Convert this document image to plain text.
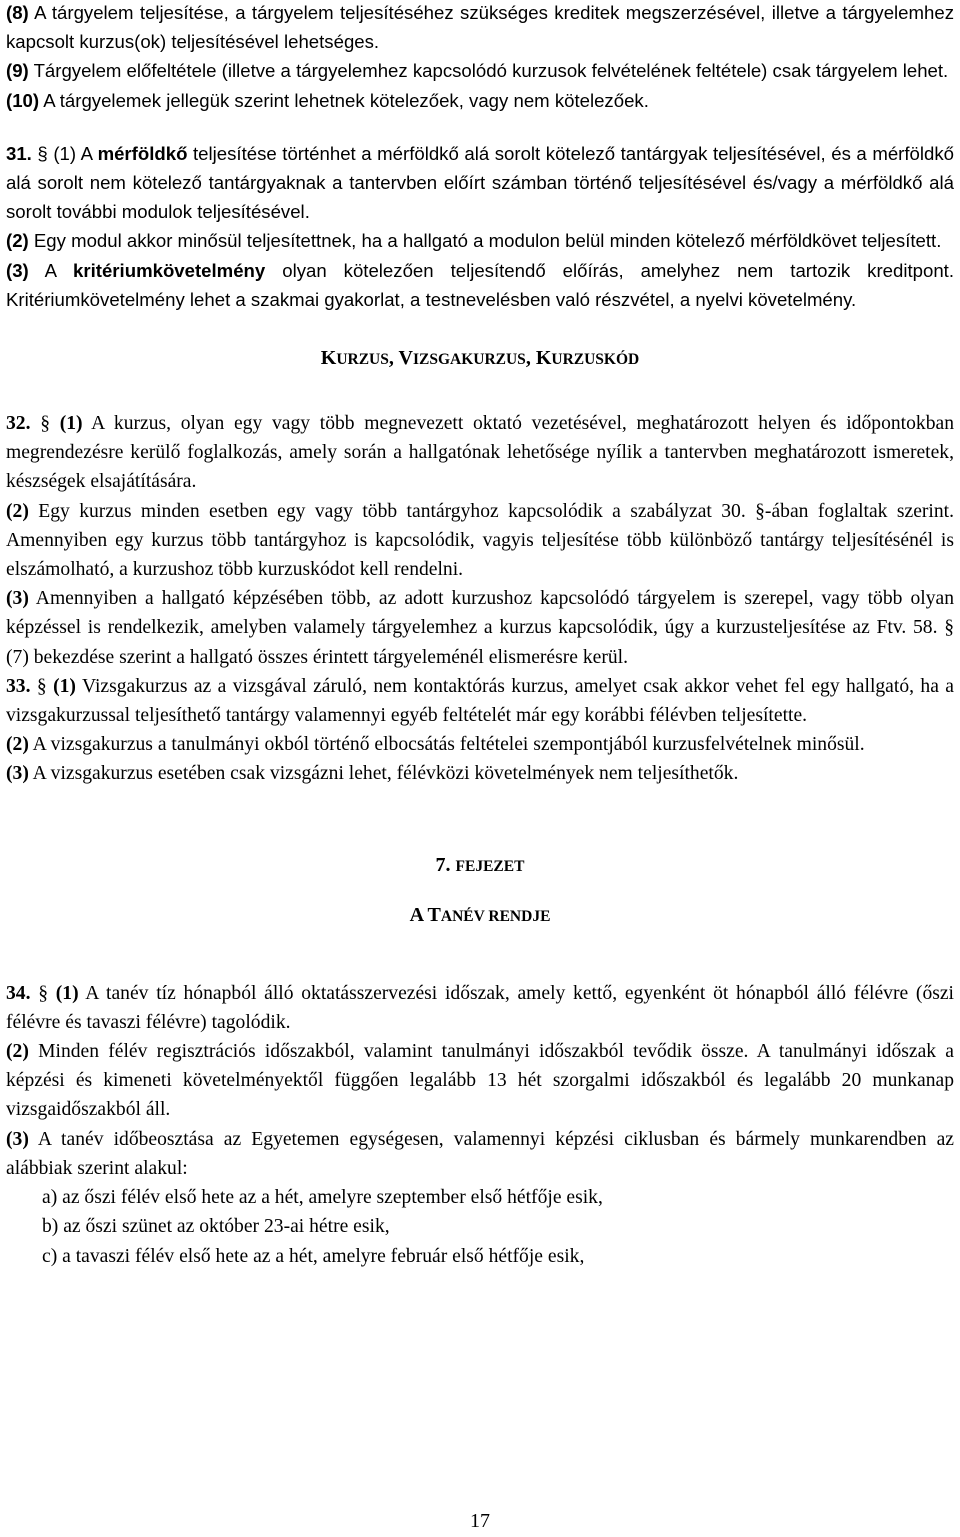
(8) A tárgyelem teljesítése, a tárgyelem teljesítéséhez szükséges kreditek megszerzésével, illetve a tárgyelemhez kapcsolt kurzus(ok) teljesítésével lehetséges.

(9) Tárgyelem előfeltétele (illetve a tárgyelemhez kapcsolódó kurzusok felvételének feltétele) csak tárgyelem lehet.

(10) A tárgyelemek jellegük szerint lehetnek kötelezőek, vagy nem kötelezőek.

31. § (1) A mérföldkő teljesítése történhet a mérföldkő alá sorolt kötelező tantárgyak teljesítésével, és a mérföldkő alá sorolt nem kötelező tantárgyaknak a tantervben előírt számban történő teljesítésével és/vagy a mérföldkő alá sorolt további modulok teljesítésével.

(2) Egy modul akkor minősül teljesítettnek, ha a hallgató a modulon belül minden kötelező mérföldkövet teljesített.

(3) A kritériumkövetelmény olyan kötelezően teljesítendő előírás, amelyhez nem tartozik kreditpont. Kritériumkövetelmény lehet a szakmai gyakorlat, a testnevelésben való részvétel, a nyelvi követelmény.

KURZUS, VIZSGAKURZUS, KURZUSKÓD

32. § (1) A kurzus, olyan egy vagy több megnevezett oktató vezetésével, meghatározott helyen és időpontokban megrendezésre kerülő foglalkozás, amely során a hallgatónak lehetősége nyílik a tantervben meghatározott ismeretek, készségek elsajátítására.

(2) Egy kurzus minden esetben egy vagy több tantárgyhoz kapcsolódik a szabályzat 30. §-ában foglaltak szerint. Amennyiben egy kurzus több tantárgyhoz is kapcsolódik, vagyis teljesítése több különböző tantárgy teljesítésénél is elszámolható, a kurzushoz több kurzuskódot kell rendelni.

(3) Amennyiben a hallgató képzésében több, az adott kurzushoz kapcsolódó tárgyelem is szerepel, vagy több olyan képzéssel is rendelkezik, amelyben valamely tárgyelemhez a kurzus kapcsolódik, úgy a kurzusteljesítése az Ftv. 58. § (7) bekezdése szerint a hallgató összes érintett tárgyeleménél elismerésre kerül.

33. § (1) Vizsgakurzus az a vizsgával záruló, nem kontaktórás kurzus, amelyet csak akkor vehet fel egy hallgató, ha a vizsgakurzussal teljesíthető tantárgy valamennyi egyéb feltételét már egy korábbi félévben teljesítette.

(2) A vizsgakurzus a tanulmányi okból történő elbocsátás feltételei szempontjából kurzusfelvételnek minősül.

(3) A vizsgakurzus esetében csak vizsgázni lehet, félévközi követelmények nem teljesíthetők.

7. FEJEZET

A TANÉV RENDJE

34. § (1) A tanév tíz hónapból álló oktatásszervezési időszak, amely kettő, egyenként öt hónapból álló félévre (őszi félévre és tavaszi félévre) tagolódik.

(2) Minden félév regisztrációs időszakból, valamint tanulmányi időszakból tevődik össze. A tanulmányi időszak a képzési és kimeneti követelményektől függően legalább 13 hét szorgalmi időszakból és legalább 20 munkanap vizsgaidőszakból áll.

(3) A tanév időbeosztása az Egyetemen egységesen, valamennyi képzési ciklusban és bármely munkarendben az alábbiak szerint alakul:

a) az őszi félév első hete az a hét, amelyre szeptember első hétfője esik,
b) az őszi szünet az október 23-ai hétre esik,
c) a tavaszi félév első hete az a hét, amelyre február első hétfője esik,
17
